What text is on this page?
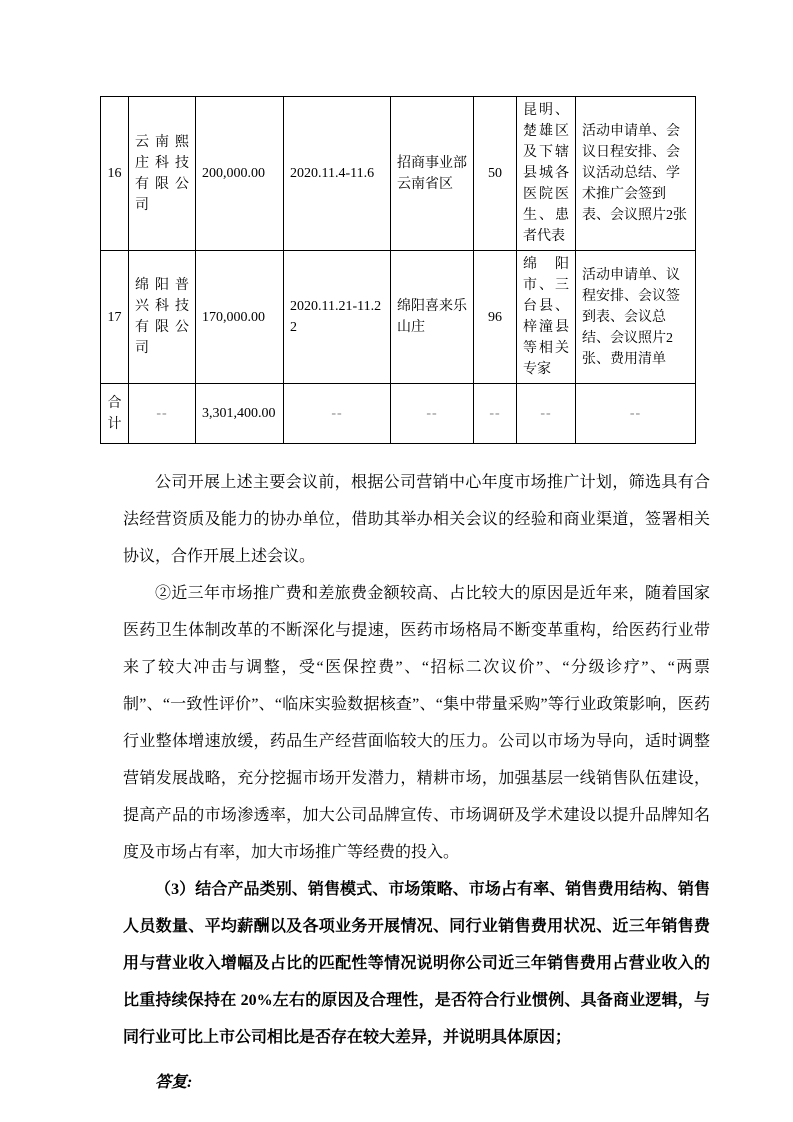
16	云南熙庄科技有限公司	200,000.00	2020.11.4-11.6	招商事业部云南省区	50	昆明、楚雄区及下辖县城各医院医生、患者代表	活动申请单、会议日程安排、会议活动总结、学术推广会签到表、会议照片2张
17	绵阳普兴科技有限公司	170,000.00	2020.11.21-11.22	绵阳喜来乐山庄	96	绵阳市、三台县、梓潼县等相关专家	活动申请单、议程安排、会议签到表、会议总结、会议照片2张、费用清单
合计	--	3,301,400.00	--	--	--	--	--

公司开展上述主要会议前，根据公司营销中心年度市场推广计划，筛选具有合法经营资质及能力的协办单位，借助其举办相关会议的经验和商业渠道，签署相关协议，合作开展上述会议。

②近三年市场推广费和差旅费金额较高、占比较大的原因是近年来，随着国家医药卫生体制改革的不断深化与提速，医药市场格局不断变革重构，给医药行业带来了较大冲击与调整，受“医保控费”、“招标二次议价”、“分级诊疗”、“两票制”、“一致性评价”、“临床实验数据核查”、“集中带量采购”等行业政策影响，医药行业整体增速放缓，药品生产经营面临较大的压力。公司以市场为导向，适时调整营销发展战略，充分挖掘市场开发潜力，精耕市场，加强基层一线销售队伍建设，提高产品的市场渗透率，加大公司品牌宣传、市场调研及学术建设以提升品牌知名度及市场占有率，加大市场推广等经费的投入。

（3）结合产品类别、销售模式、市场策略、市场占有率、销售费用结构、销售人员数量、平均薪酬以及各项业务开展情况、同行业销售费用状况、近三年销售费用与营业收入增幅及占比的匹配性等情况说明你公司近三年销售费用占营业收入的比重持续保持在 20%左右的原因及合理性，是否符合行业惯例、具备商业逻辑，与同行业可比上市公司相比是否存在较大差异，并说明具体原因；

答复:
